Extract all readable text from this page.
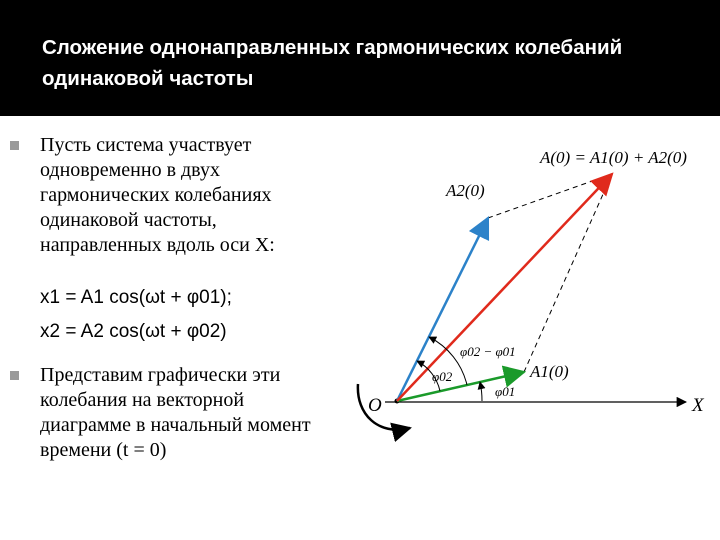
Сложение однонаправленных гармонических колебаний одинаковой частоты
Пусть система участвует одновременно в двух гармонических колебаниях одинаковой частоты, направленных вдоль оси X:
x1 = A1 cos(ωt + φ01);
x2 = A2 cos(ωt + φ02)
Представим графически эти колебания на векторной диаграмме в начальный момент времени (t = 0)
A(0) = A1(0) + A2(0)
A2(0)
A1(0)
O	X
φ02 − φ01
φ02
φ01
